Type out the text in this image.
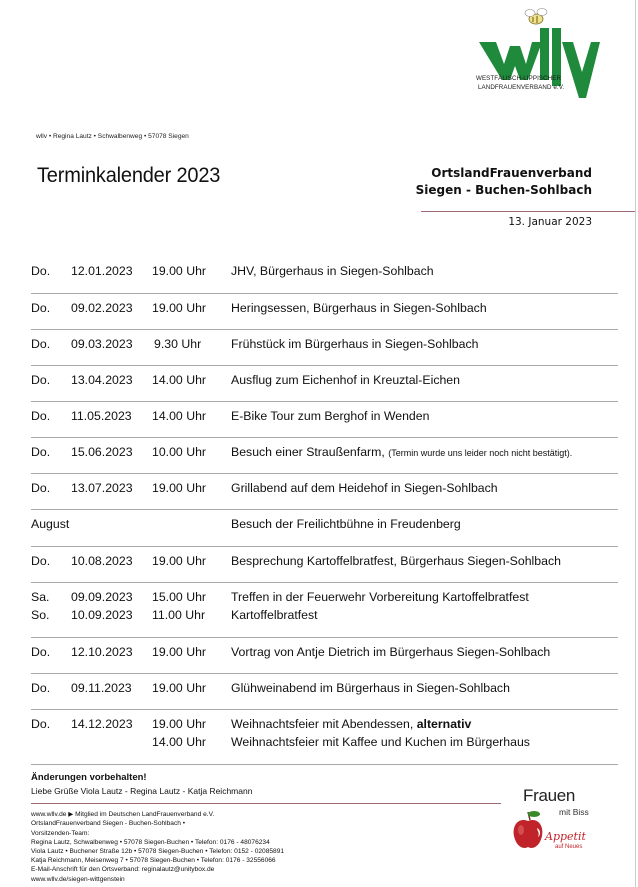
WESTFÄLISCH-LIPPISCHER
LANDFRAUENVERBAND e.V.
wllv • Regina Lautz • Schwalbenweg • 57078 Siegen
Terminkalender 2023	OrtslandFrauenverband
Siegen - Buchen-Sohlbach
13. Januar 2023
Do. 12.01.2023 19.00 Uhr JHV, Bürgerhaus in Siegen-Sohlbach
Do. 09.02.2023 19.00 Uhr Heringsessen, Bürgerhaus in Siegen-Sohlbach
Do. 09.03.2023 9.30 Uhr Frühstück im Bürgerhaus in Siegen-Sohlbach
Do. 13.04.2023 14.00 Uhr Ausflug zum Eichenhof in Kreuztal-Eichen
Do. 11.05.2023 14.00 Uhr E-Bike Tour zum Berghof in Wenden
Do. 15.06.2023 10.00 Uhr Besuch einer Straußenfarm, (Termin wurde uns leider noch nicht bestätigt).
Do. 13.07.2023 19.00 Uhr Grillabend auf dem Heidehof in Siegen-Sohlbach
August	Besuch der Freilichtbühne in Freudenberg
Do. 10.08.2023 19.00 Uhr Besprechung Kartoffelbratfest, Bürgerhaus Siegen-Sohlbach
Sa. 09.09.2023 15.00 Uhr Treffen in der Feuerwehr Vorbereitung Kartoffelbratfest
So. 10.09.2023 11.00 Uhr Kartoffelbratfest
Do. 12.10.2023 19.00 Uhr Vortrag von Antje Dietrich im Bürgerhaus Siegen-Sohlbach
Do. 09.11.2023 19.00 Uhr Glühweinabend im Bürgerhaus in Siegen-Sohlbach
Do. 14.12.2023 19.00 Uhr Weihnachtsfeier mit Abendessen, alternativ
14.00 Uhr Weihnachtsfeier mit Kaffee und Kuchen im Bürgerhaus
Änderungen vorbehalten!
Liebe Grüße Viola Lautz - Regina Lautz - Katja Reichmann
www.wllv.de ▶ Mitglied im Deutschen LandFrauenverband e.V.
OrtslandFrauenverband Siegen - Buchen-Sohlbach •
Vorsitzenden-Team:
Regina Lautz, Schwalbenweg • 57078 Siegen-Buchen • Telefon: 0176 - 48076234
Viola Lautz • Buchener Straße 12b • 57078 Siegen-Buchen • Telefon: 0152 - 02085891
Katja Reichmann, Meisenweg 7 • 57078 Siegen-Buchen • Telefon: 0176 - 32556066
E-Mail-Anschrift für den Ortsverband: reginalautz@unitybox.de
www.wllv.de/siegen-wittgenstein
Frauen
mit Biss
Appetit
auf Neues
